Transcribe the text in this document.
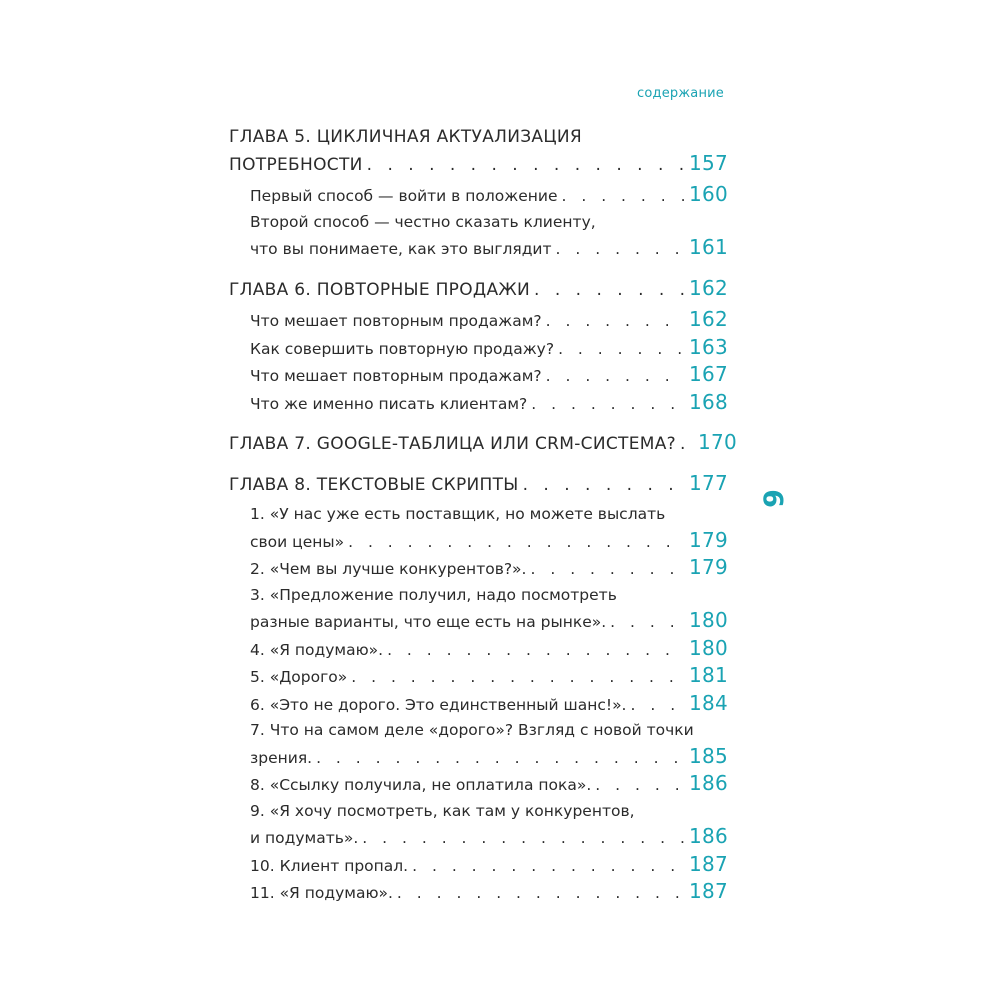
содержание
9
ГЛАВА 5. ЦИКЛИЧНАЯ АКТУАЛИЗАЦИЯ
ПОТРЕБНОСТИ . . .	157
Первый способ — войти в положение . . .	160
Второй способ — честно сказать клиенту,
что вы понимаете, как это выглядит . . .	161
ГЛАВА 6. ПОВТОРНЫЕ ПРОДАЖИ . . .	162
Что мешает повторным продажам? . . .	162
Как совершить повторную продажу? . . .	163
Что мешает повторным продажам? . . .	167
Что же именно писать клиентам? . . .	168
ГЛАВА 7. GOOGLE-ТАБЛИЦА ИЛИ CRM-СИСТЕМА? . . . 170
ГЛАВА 8. ТЕКСТОВЫЕ СКРИПТЫ . . .	177
1. «У нас уже есть поставщик, но можете выслать
свои цены» . . .	179
2. «Чем вы лучше конкурентов?». . . .	179
3. «Предложение получил, надо посмотреть
разные варианты, что еще есть на рынке». . . .	180
4. «Я подумаю». . . .	180
5. «Дорого» . . .	181
6. «Это не дорого. Это единственный шанс!». . . .	184
7. Что на самом деле «дорого»? Взгляд с новой точки
зрения. . . .	185
8. «Ссылку получила, не оплатила пока». . . .	186
9. «Я хочу посмотреть, как там у конкурентов,
и подумать». . . .	186
10. Клиент пропал. . . .	187
11. «Я подумаю». . . .	187
